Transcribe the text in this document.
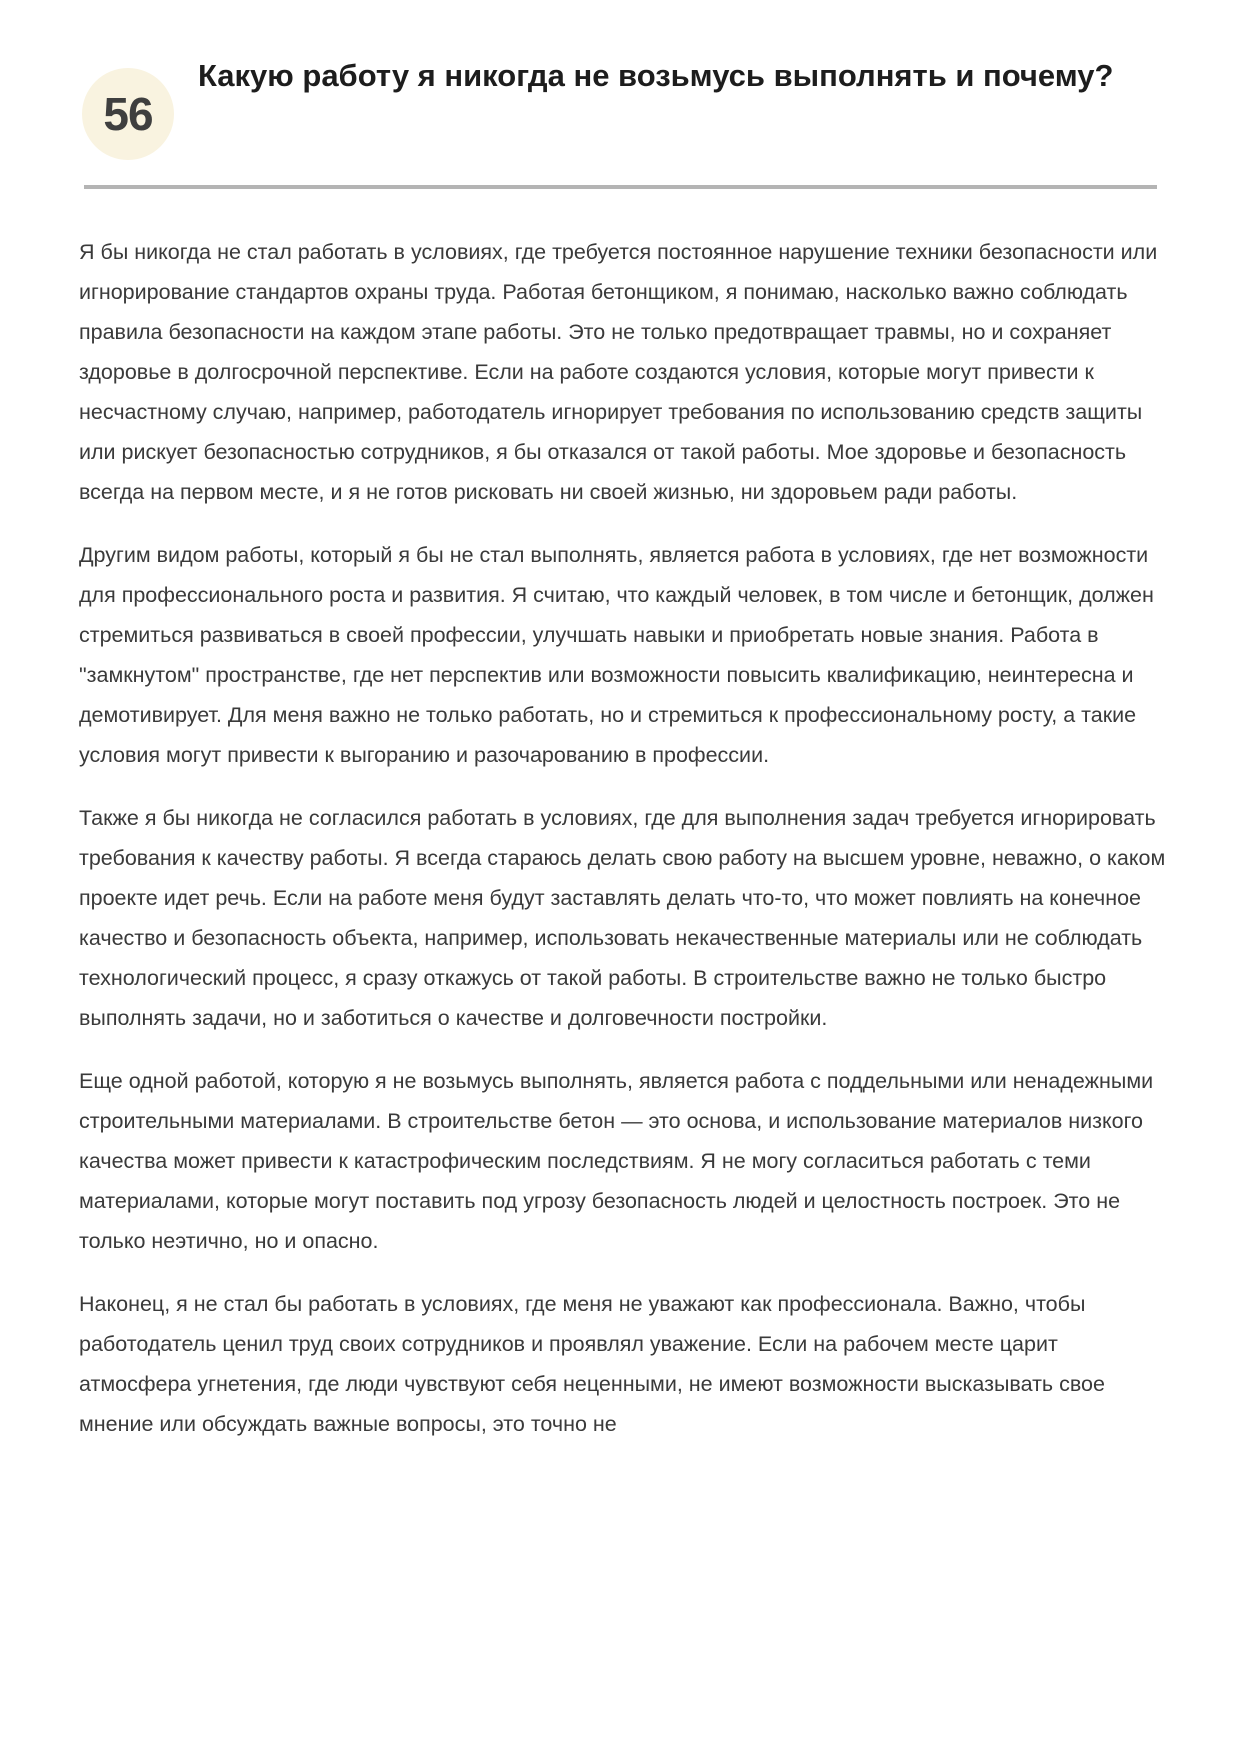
56
Какую работу я никогда не возьмусь выполнять и почему?

Я бы никогда не стал работать в условиях, где требуется постоянное нарушение техники безопасности или игнорирование стандартов охраны труда. Работая бетонщиком, я понимаю, насколько важно соблюдать правила безопасности на каждом этапе работы. Это не только предотвращает травмы, но и сохраняет здоровье в долгосрочной перспективе. Если на работе создаются условия, которые могут привести к несчастному случаю, например, работодатель игнорирует требования по использованию средств защиты или рискует безопасностью сотрудников, я бы отказался от такой работы. Мое здоровье и безопасность всегда на первом месте, и я не готов рисковать ни своей жизнью, ни здоровьем ради работы.

Другим видом работы, который я бы не стал выполнять, является работа в условиях, где нет возможности для профессионального роста и развития. Я считаю, что каждый человек, в том числе и бетонщик, должен стремиться развиваться в своей профессии, улучшать навыки и приобретать новые знания. Работа в "замкнутом" пространстве, где нет перспектив или возможности повысить квалификацию, неинтересна и демотивирует. Для меня важно не только работать, но и стремиться к профессиональному росту, а такие условия могут привести к выгоранию и разочарованию в профессии.

Также я бы никогда не согласился работать в условиях, где для выполнения задач требуется игнорировать требования к качеству работы. Я всегда стараюсь делать свою работу на высшем уровне, неважно, о каком проекте идет речь. Если на работе меня будут заставлять делать что-то, что может повлиять на конечное качество и безопасность объекта, например, использовать некачественные материалы или не соблюдать технологический процесс, я сразу откажусь от такой работы. В строительстве важно не только быстро выполнять задачи, но и заботиться о качестве и долговечности постройки.

Еще одной работой, которую я не возьмусь выполнять, является работа с поддельными или ненадежными строительными материалами. В строительстве бетон — это основа, и использование материалов низкого качества может привести к катастрофическим последствиям. Я не могу согласиться работать с теми материалами, которые могут поставить под угрозу безопасность людей и целостность построек. Это не только неэтично, но и опасно.

Наконец, я не стал бы работать в условиях, где меня не уважают как профессионала. Важно, чтобы работодатель ценил труд своих сотрудников и проявлял уважение. Если на рабочем месте царит атмосфера угнетения, где люди чувствуют себя неценными, не имеют возможности высказывать свое мнение или обсуждать важные вопросы, это точно не
